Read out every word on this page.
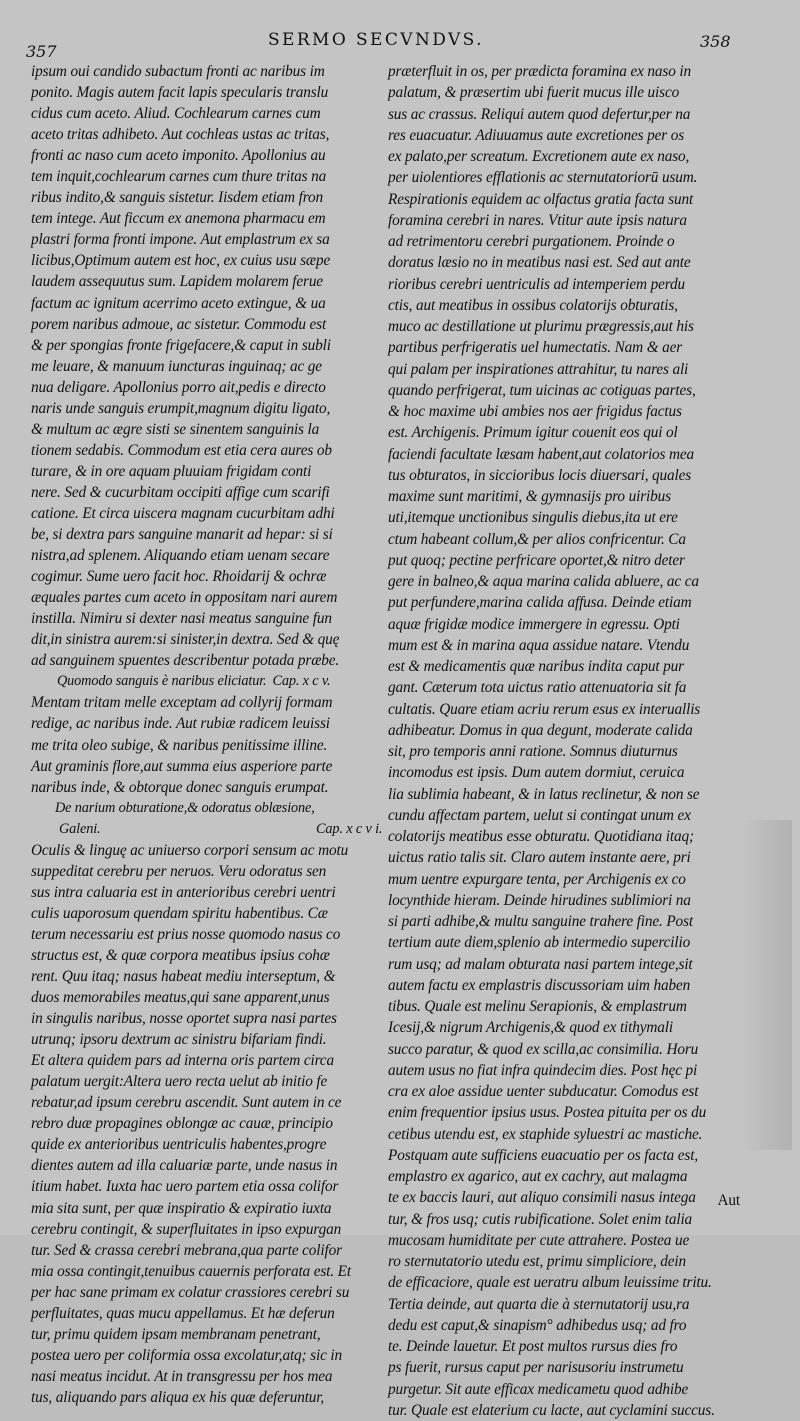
357
SERMO SECVNDVS.	358
ipsum oui candido subactum fronti ac naribus im
ponito. Magis autem facit lapis specularis translu
cidus cum aceto. Aliud. Cochlearum carnes cum
aceto tritas adhibeto. Aut cochleas ustas ac tritas,
fronti ac naso cum aceto imponito. Apollonius au
tem inquit,cochlearum carnes cum thure tritas na
ribus indito,& sanguis sistetur. Iisdem etiam fron
tem intege. Aut ficcum ex anemona pharmacu em
plastri forma fronti impone. Aut emplastrum ex sa
licibus,Optimum autem est hoc, ex cuius usu sæpe
laudem assequutus sum. Lapidem molarem ferue
factum ac ignitum acerrimo aceto extingue, & ua
porem naribus admoue, ac sistetur. Commodu est
& per spongias fronte frigefacere,& caput in subli
me leuare, & manuum iuncturas inguinaq; ac ge
nua deligare. Apollonius porro ait,pedis e directo
naris unde sanguis erumpit,magnum digitu ligato,
& multum ac ægre sisti se sinentem sanguinis la
tionem sedabis. Commodum est etia cera aures ob
turare, & in ore aquam pluuiam frigidam conti
nere. Sed & cucurbitam occipiti affige cum scarifi
catione. Et circa uiscera magnam cucurbitam adhi
be, si dextra pars sanguine manarit ad hepar: si si
nistra,ad splenem. Aliquando etiam uenam secare
cogimur. Sume uero facit hoc. Rhoidarij & ochræ
æquales partes cum aceto in oppositam nari aurem
instilla. Nimiru si dexter nasi meatus sanguine fun
dit,in sinistra aurem:si sinister,in dextra. Sed & quę
ad sanguinem spuentes describentur potada præbe.
Quomodo sanguis è naribus eliciatur. Cap. x c v.
Mentam tritam melle exceptam ad collyrij formam
redige, ac naribus inde. Aut rubiæ radicem leuissi
me trita oleo subige, & naribus penitissime illine.
Aut graminis flore,aut summa eius asperiore parte
naribus inde, & obtorque donec sanguis erumpat.
De narium obturatione,& odoratus oblæsione,
Galeni.	Cap. x c v i.
Oculis & linguę ac uniuerso corpori sensum ac motu
suppeditat cerebru per neruos. Veru odoratus sen
sus intra caluaria est in anterioribus cerebri uentri
culis uaporosum quendam spiritu habentibus. Cæ
terum necessariu est prius nosse quomodo nasus co
structus est, & quæ corpora meatibus ipsius cohæ
rent. Quu itaq; nasus habeat mediu interseptum, &
duos memorabiles meatus,qui sane apparent,unus
in singulis naribus, nosse oportet supra nasi partes
utrunq; ipsoru dextrum ac sinistru bifariam findi.
Et altera quidem pars ad interna oris partem circa
palatum uergit:Altera uero recta uelut ab initio fe
rebatur,ad ipsum cerebru ascendit. Sunt autem in ce
rebro duæ propagines oblongæ ac cauæ, principio
quide ex anterioribus uentriculis habentes,progre
dientes autem ad illa caluariæ parte, unde nasus in
itium habet. Iuxta hac uero partem etia ossa colifor
mia sita sunt, per quæ inspiratio & expiratio iuxta
cerebru contingit, & superfluitates in ipso expurgan
tur. Sed & crassa cerebri mebrana,qua parte colifor
mia ossa contingit,tenuibus cauernis perforata est. Et
per hac sane primam ex colatur crassiores cerebri su
perfluitates, quas mucu appellamus. Et hæ deferun
tur, primu quidem ipsam membranam penetrant,
postea uero per coliformia ossa excolatur,atq; sic in
nasi meatus incidut. At in transgressu per hos mea
tus, aliquando pars aliqua ex his quæ deferuntur,
præterfluit in os, per prædicta foramina ex naso in
palatum, & præsertim ubi fuerit mucus ille uisco
sus ac crassus. Reliqui autem quod defertur,per na
res euacuatur. Adiuuamus aute excretiones per os
ex palato,per screatum. Excretionem aute ex naso,
per uiolentiores efflationis ac sternutatoriorū usum.
Respirationis equidem ac olfactus gratia facta sunt
foramina cerebri in nares. Vtitur aute ipsis natura
ad retrimentoru cerebri purgationem. Proinde o
doratus læsio no in meatibus nasi est. Sed aut ante
rioribus cerebri uentriculis ad intemperiem perdu
ctis, aut meatibus in ossibus colatorijs obturatis,
muco ac destillatione ut plurimu prægressis,aut his
partibus perfrigeratis uel humectatis. Nam & aer
qui palam per inspirationes attrahitur, tu nares ali
quando perfrigerat, tum uicinas ac cotiguas partes,
& hoc maxime ubi ambies nos aer frigidus factus
est. Archigenis. Primum igitur couenit eos qui ol
faciendi facultate læsam habent,aut colatorios mea
tus obturatos, in siccioribus locis diuersari, quales
maxime sunt maritimi, & gymnasijs pro uiribus
uti,itemque unctionibus singulis diebus,ita ut ere
ctum habeant collum,& per alios confricentur. Ca
put quoq; pectine perfricare oportet,& nitro deter
gere in balneo,& aqua marina calida abluere, ac ca
put perfundere,marina calida affusa. Deinde etiam
aquæ frigidæ modice immergere in egressu. Opti
mum est & in marina aqua assidue natare. Vtendu
est & medicamentis quæ naribus indita caput pur
gant. Cæterum tota uictus ratio attenuatoria sit fa
cultatis. Quare etiam acriu rerum esus ex interuallis
adhibeatur. Domus in qua degunt, moderate calida
sit, pro temporis anni ratione. Somnus diuturnus
incomodus est ipsis. Dum autem dormiut, ceruica
lia sublimia habeant, & in latus reclinetur, & non se
cundu affectam partem, uelut si contingat unum ex
colatorijs meatibus esse obturatu. Quotidiana itaq;
uictus ratio talis sit. Claro autem instante aere, pri
mum uentre expurgare tenta, per Archigenis ex co
locynthide hieram. Deinde hirudines sublimiori na
si parti adhibe,& multu sanguine trahere fine. Post
tertium aute diem,splenio ab intermedio supercilio
rum usq; ad malam obturata nasi partem intege,sit
autem factu ex emplastris discussoriam uim haben
tibus. Quale est melinu Serapionis, & emplastrum
Icesij,& nigrum Archigenis,& quod ex tithymali
succo paratur, & quod ex scilla,ac consimilia. Horu
autem usus no fiat infra quindecim dies. Post hęc pi
cra ex aloe assidue uenter subducatur. Comodus est
enim frequentior ipsius usus. Postea pituita per os du
cetibus utendu est, ex staphide syluestri ac mastiche.
Postquam aute sufficiens euacuatio per os facta est,
emplastro ex agarico, aut ex cachry, aut malagma
te ex baccis lauri, aut aliquo consimili nasus intega
tur, & fros usq; cutis rubificatione. Solet enim talia
mucosam humiditate per cute attrahere. Postea ue
ro sternutatorio utedu est, primu simpliciore, dein
de efficaciore, quale est ueratru album leuissime tritu.
Tertia deinde, aut quarta die à sternutatorij usu,ra
dedu est caput,& sinapism° adhibedus usq; ad fro
te. Deinde lauetur. Et post multos rursus dies fro
ps fuerit, rursus caput per narisusoriu instrumetu
purgetur. Sit aute efficax medicametu quod adhibe
tur. Quale est elaterium cu lacte, aut cyclamini succus.
Aut
